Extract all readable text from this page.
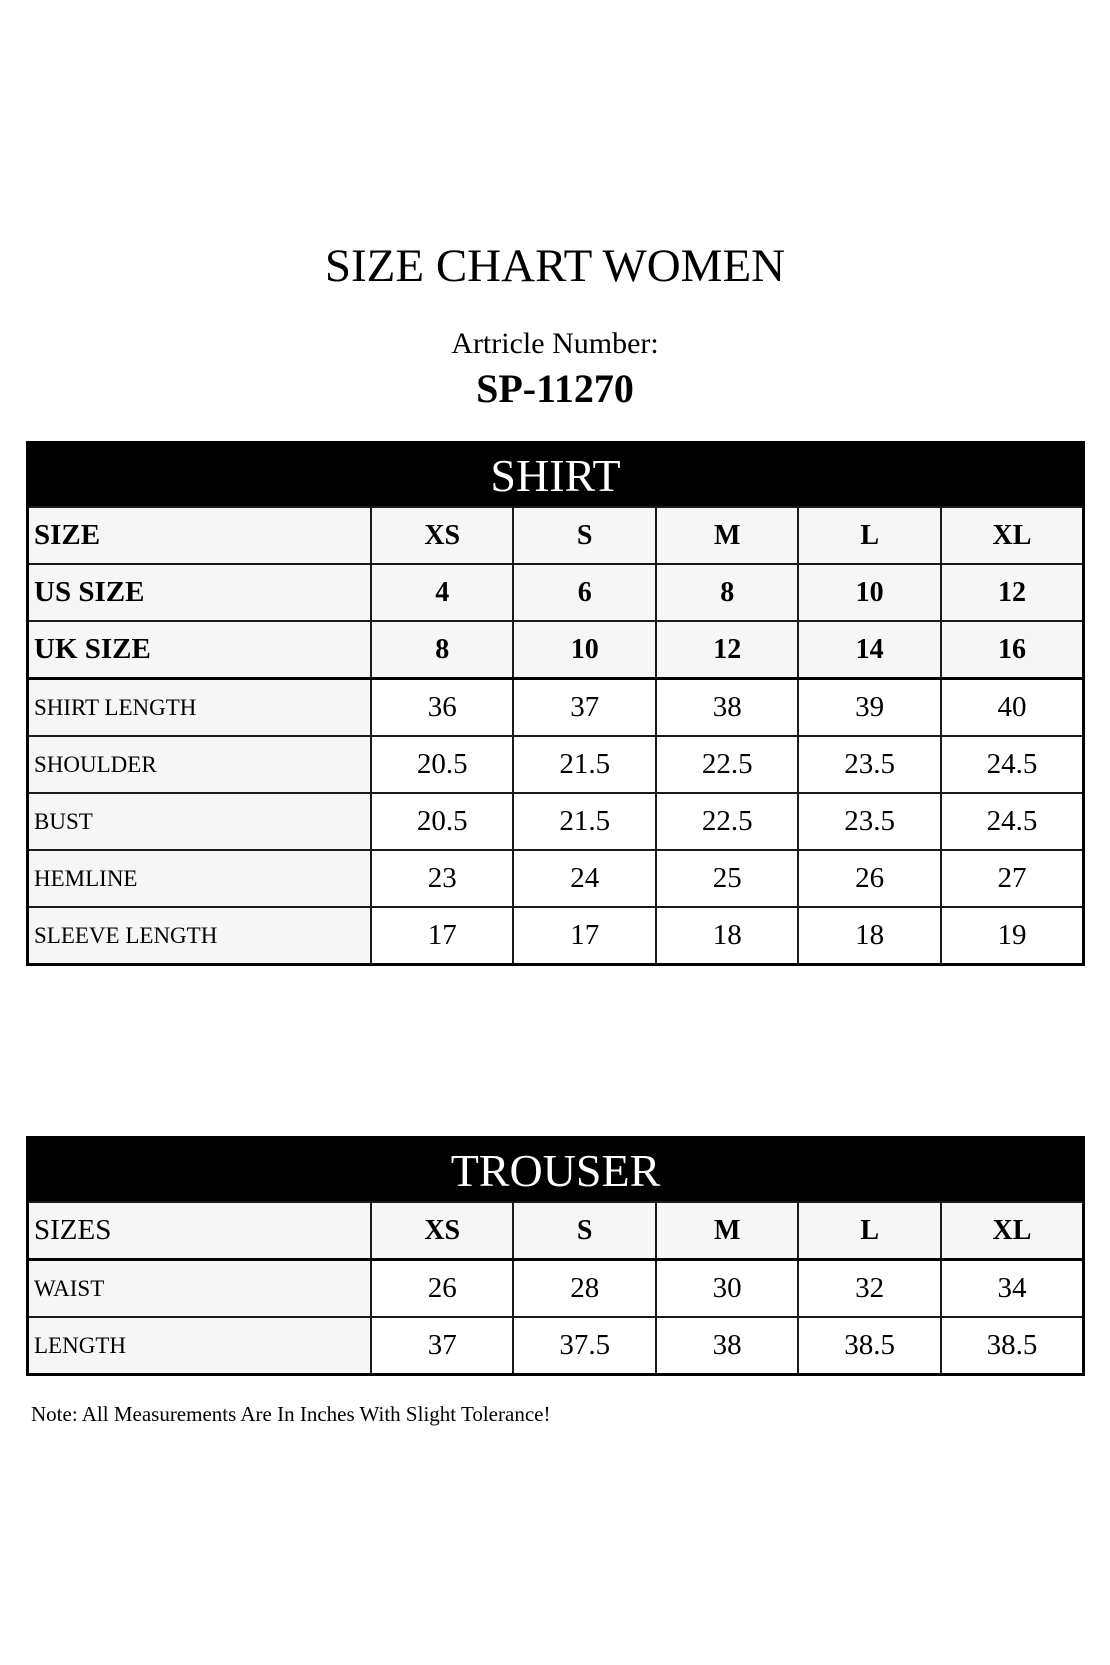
SIZE CHART WOMEN
Artricle Number:
SP-11270
SHIRT					
SIZE	XS	S	M	L	XL
US SIZE	4	6	8	10	12
UK SIZE	8	10	12	14	16
SHIRT LENGTH	36	37	38	39	40
SHOULDER	20.5	21.5	22.5	23.5	24.5
BUST	20.5	21.5	22.5	23.5	24.5
HEMLINE	23	24	25	26	27
SLEEVE LENGTH	17	17	18	18	19
TROUSER					
SIZES	XS	S	M	L	XL
WAIST	26	28	30	32	34
LENGTH	37	37.5	38	38.5	38.5
Note: All Measurements Are In Inches With Slight Tolerance!
